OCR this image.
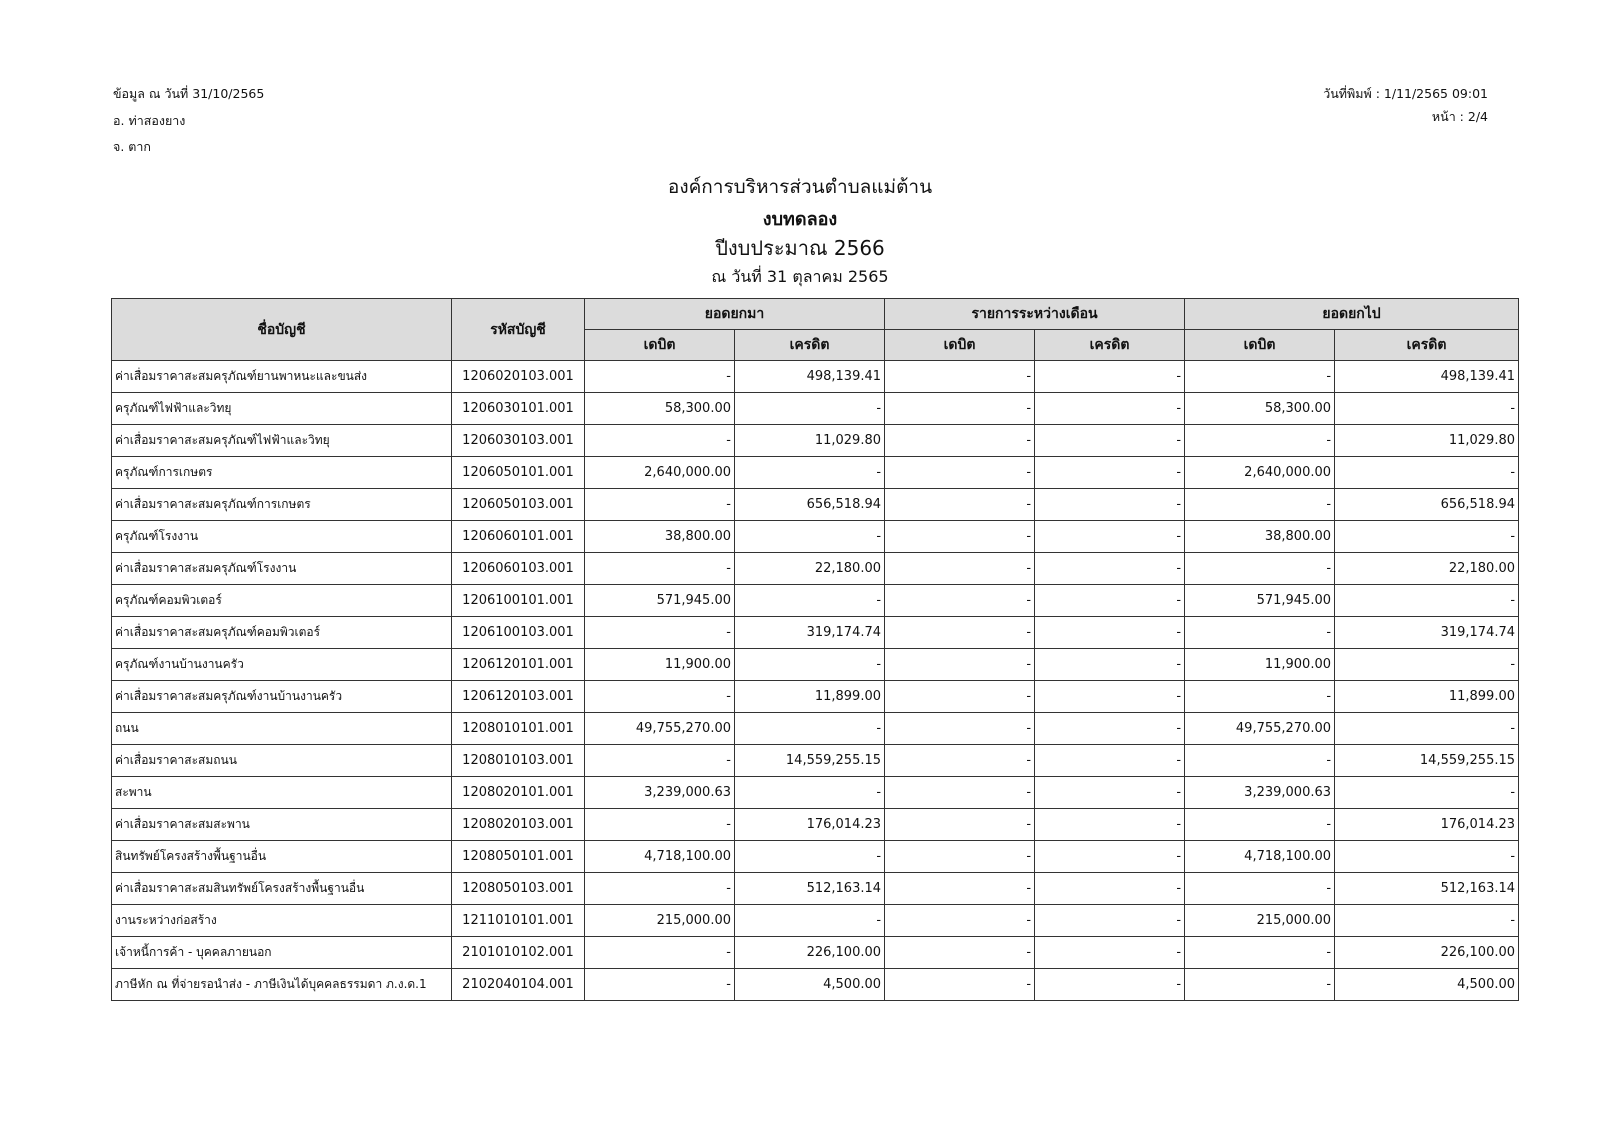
ข้อมูล ณ วันที่ 31/10/2565
อ. ท่าสองยาง
จ. ตาก
วันที่พิมพ์ : 1/11/2565 09:01
หน้า : 2/4
องค์การบริหารส่วนตำบลแม่ต้าน
งบทดลอง
ปีงบประมาณ 2566
ณ วันที่ 31 ตุลาคม 2565
ชื่อบัญชี	รหัสบัญชี	ยอดยกมา		รายการระหว่างเดือน		ยอดยกไป	
		เดบิต	เครดิต	เดบิต	เครดิต	เดบิต	เครดิต
ค่าเสื่อมราคาสะสมครุภัณฑ์ยานพาหนะและขนส่ง	1206020103.001	-	498,139.41	-	-	-	498,139.41
ครุภัณฑ์ไฟฟ้าและวิทยุ	1206030101.001	58,300.00	-	-	-	58,300.00	-
ค่าเสื่อมราคาสะสมครุภัณฑ์ไฟฟ้าและวิทยุ	1206030103.001	-	11,029.80	-	-	-	11,029.80
ครุภัณฑ์การเกษตร	1206050101.001	2,640,000.00	-	-	-	2,640,000.00	-
ค่าเสื่อมราคาสะสมครุภัณฑ์การเกษตร	1206050103.001	-	656,518.94	-	-	-	656,518.94
ครุภัณฑ์โรงงาน	1206060101.001	38,800.00	-	-	-	38,800.00	-
ค่าเสื่อมราคาสะสมครุภัณฑ์โรงงาน	1206060103.001	-	22,180.00	-	-	-	22,180.00
ครุภัณฑ์คอมพิวเตอร์	1206100101.001	571,945.00	-	-	-	571,945.00	-
ค่าเสื่อมราคาสะสมครุภัณฑ์คอมพิวเตอร์	1206100103.001	-	319,174.74	-	-	-	319,174.74
ครุภัณฑ์งานบ้านงานครัว	1206120101.001	11,900.00	-	-	-	11,900.00	-
ค่าเสื่อมราคาสะสมครุภัณฑ์งานบ้านงานครัว	1206120103.001	-	11,899.00	-	-	-	11,899.00
ถนน	1208010101.001	49,755,270.00	-	-	-	49,755,270.00	-
ค่าเสื่อมราคาสะสมถนน	1208010103.001	-	14,559,255.15	-	-	-	14,559,255.15
สะพาน	1208020101.001	3,239,000.63	-	-	-	3,239,000.63	-
ค่าเสื่อมราคาสะสมสะพาน	1208020103.001	-	176,014.23	-	-	-	176,014.23
สินทรัพย์โครงสร้างพื้นฐานอื่น	1208050101.001	4,718,100.00	-	-	-	4,718,100.00	-
ค่าเสื่อมราคาสะสมสินทรัพย์โครงสร้างพื้นฐานอื่น	1208050103.001	-	512,163.14	-	-	-	512,163.14
งานระหว่างก่อสร้าง	1211010101.001	215,000.00	-	-	-	215,000.00	-
เจ้าหนี้การค้า - บุคคลภายนอก	2101010102.001	-	226,100.00	-	-	-	226,100.00
ภาษีหัก ณ ที่จ่ายรอนำส่ง - ภาษีเงินได้บุคคลธรรมดา ภ.ง.ด.1	2102040104.001	-	4,500.00	-	-	-	4,500.00
